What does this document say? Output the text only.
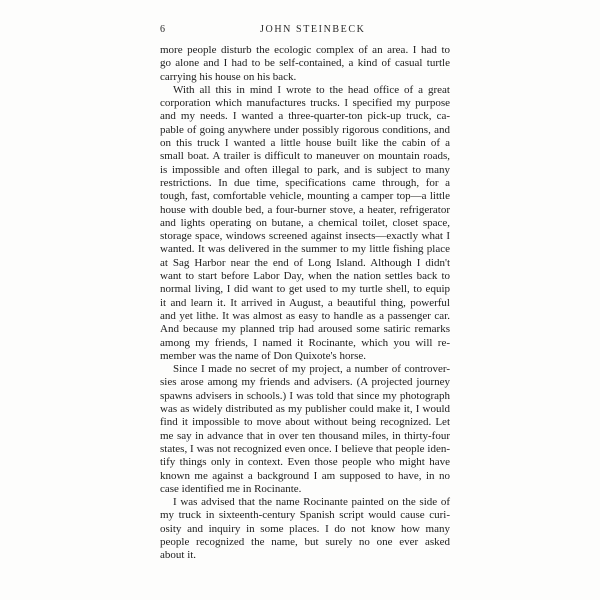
6	JOHN STEINBECK
more people disturb the ecologic complex of an area. I had to
go alone and I had to be self-contained, a kind of casual turtle
carrying his house on his back.
With all this in mind I wrote to the head office of a great
corporation which manufactures trucks. I specified my purpose
and my needs. I wanted a three-quarter-ton pick-up truck, ca-
pable of going anywhere under possibly rigorous conditions, and
on this truck I wanted a little house built like the cabin of a
small boat. A trailer is difficult to maneuver on mountain roads,
is impossible and often illegal to park, and is subject to many
restrictions. In due time, specifications came through, for a
tough, fast, comfortable vehicle, mounting a camper top—a little
house with double bed, a four-burner stove, a heater, refrigerator
and lights operating on butane, a chemical toilet, closet space,
storage space, windows screened against insects—exactly what I
wanted. It was delivered in the summer to my little fishing place
at Sag Harbor near the end of Long Island. Although I didn't
want to start before Labor Day, when the nation settles back to
normal living, I did want to get used to my turtle shell, to equip
it and learn it. It arrived in August, a beautiful thing, powerful
and yet lithe. It was almost as easy to handle as a passenger car.
And because my planned trip had aroused some satiric remarks
among my friends, I named it Rocinante, which you will re-
member was the name of Don Quixote's horse.
Since I made no secret of my project, a number of controver-
sies arose among my friends and advisers. (A projected journey
spawns advisers in schools.) I was told that since my photograph
was as widely distributed as my publisher could make it, I would
find it impossible to move about without being recognized. Let
me say in advance that in over ten thousand miles, in thirty-four
states, I was not recognized even once. I believe that people iden-
tify things only in context. Even those people who might have
known me against a background I am supposed to have, in no
case identified me in Rocinante.
I was advised that the name Rocinante painted on the side of
my truck in sixteenth-century Spanish script would cause curi-
osity and inquiry in some places. I do not know how many
people recognized the name, but surely no one ever asked
about it.
